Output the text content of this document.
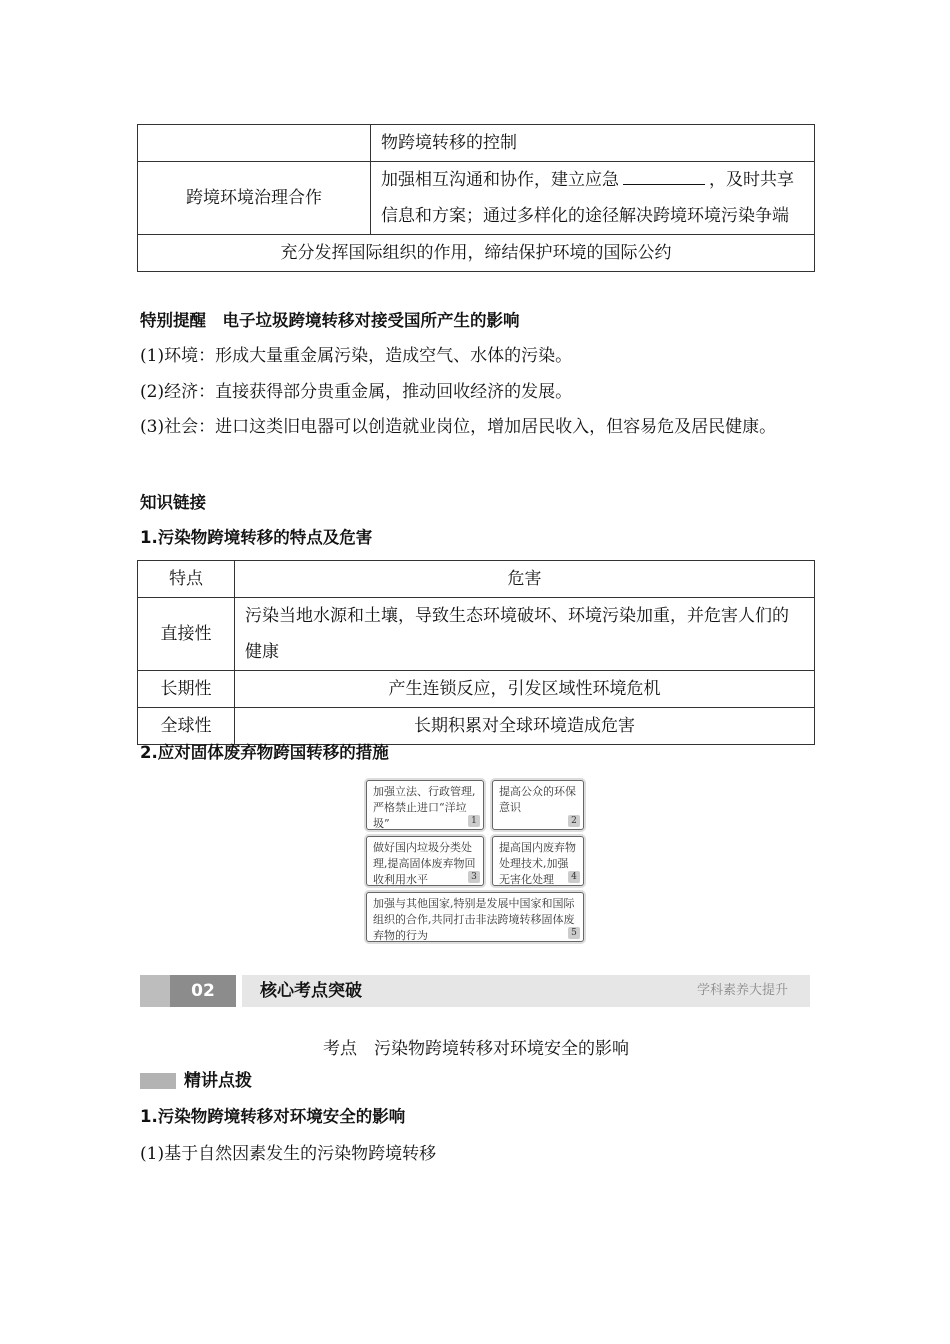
	物跨境转移的控制
跨境环境治理合作	加强相互沟通和协作，建立应急 ，及时共享信息和方案；通过多样化的途径解决跨境环境污染争端
充分发挥国际组织的作用，缔结保护环境的国际公约	
特别提醒　电子垃圾跨境转移对接受国所产生的影响
(1)环境：形成大量重金属污染，造成空气、水体的污染。
(2)经济：直接获得部分贵重金属，推动回收经济的发展。
(3)社会：进口这类旧电器可以创造就业岗位，增加居民收入，但容易危及居民健康。
知识链接
1.污染物跨境转移的特点及危害
特点	危害
直接性	污染当地水源和土壤，导致生态环境破坏、环境污染加重，并危害人们的健康
长期性	产生连锁反应，引发区域性环境危机
全球性	长期积累对全球环境造成危害
2.应对固体废弃物跨国转移的措施
加强立法、行政管理,严格禁止进口“洋垃圾”	1
提高公众的环保意识
2
做好国内垃圾分类处理,提高固体废弃物回收利用水平	3
提高国内废弃物处理技术,加强无害化处理	4
加强与其他国家,特别是发展中国家和国际组织的合作,共同打击非法跨境转移固体废弃物的行为	5
02	核心考点突破	学科素养大提升
考点　污染物跨境转移对环境安全的影响
精讲点拨
1.污染物跨境转移对环境安全的影响
(1)基于自然因素发生的污染物跨境转移
